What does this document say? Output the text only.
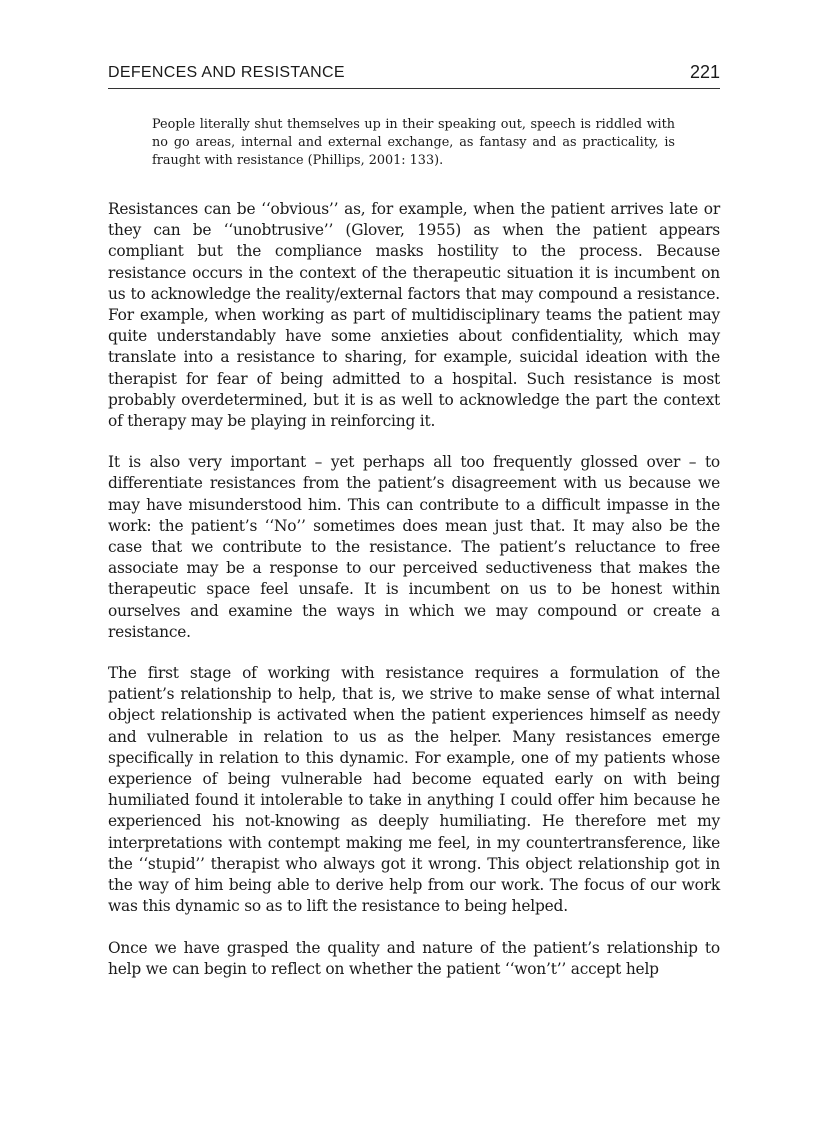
DEFENCES AND RESISTANCE	221
People literally shut themselves up in their speaking out, speech is riddled with no go areas, internal and external exchange, as fantasy and as practicality, is fraught with resistance (Phillips, 2001: 133).

Resistances can be ‘‘obvious’’ as, for example, when the patient arrives late or they can be ‘‘unobtrusive’’ (Glover, 1955) as when the patient appears compliant but the compliance masks hostility to the process. Because resistance occurs in the context of the therapeutic situation it is incumbent on us to acknowledge the reality/external factors that may compound a resistance. For example, when working as part of multidisciplinary teams the patient may quite understandably have some anxieties about confidentiality, which may translate into a resistance to sharing, for example, suicidal ideation with the therapist for fear of being admitted to a hospital. Such resistance is most probably overdetermined, but it is as well to acknowledge the part the context of therapy may be playing in reinforcing it.

It is also very important – yet perhaps all too frequently glossed over – to differentiate resistances from the patient’s disagreement with us because we may have misunderstood him. This can contribute to a difficult impasse in the work: the patient’s ‘‘No’’ sometimes does mean just that. It may also be the case that we contribute to the resistance. The patient’s reluctance to free associate may be a response to our perceived seductiveness that makes the therapeutic space feel unsafe. It is incumbent on us to be honest within ourselves and examine the ways in which we may compound or create a resistance.

The first stage of working with resistance requires a formulation of the patient’s relationship to help, that is, we strive to make sense of what internal object relationship is activated when the patient experiences himself as needy and vulnerable in relation to us as the helper. Many resistances emerge specifically in relation to this dynamic. For example, one of my patients whose experience of being vulnerable had become equated early on with being humiliated found it intolerable to take in anything I could offer him because he experienced his not-knowing as deeply humiliating. He therefore met my interpretations with contempt making me feel, in my countertransference, like the ‘‘stupid’’ therapist who always got it wrong. This object relationship got in the way of him being able to derive help from our work. The focus of our work was this dynamic so as to lift the resistance to being helped.

Once we have grasped the quality and nature of the patient’s relationship to help we can begin to reflect on whether the patient ‘‘won’t’’ accept help
